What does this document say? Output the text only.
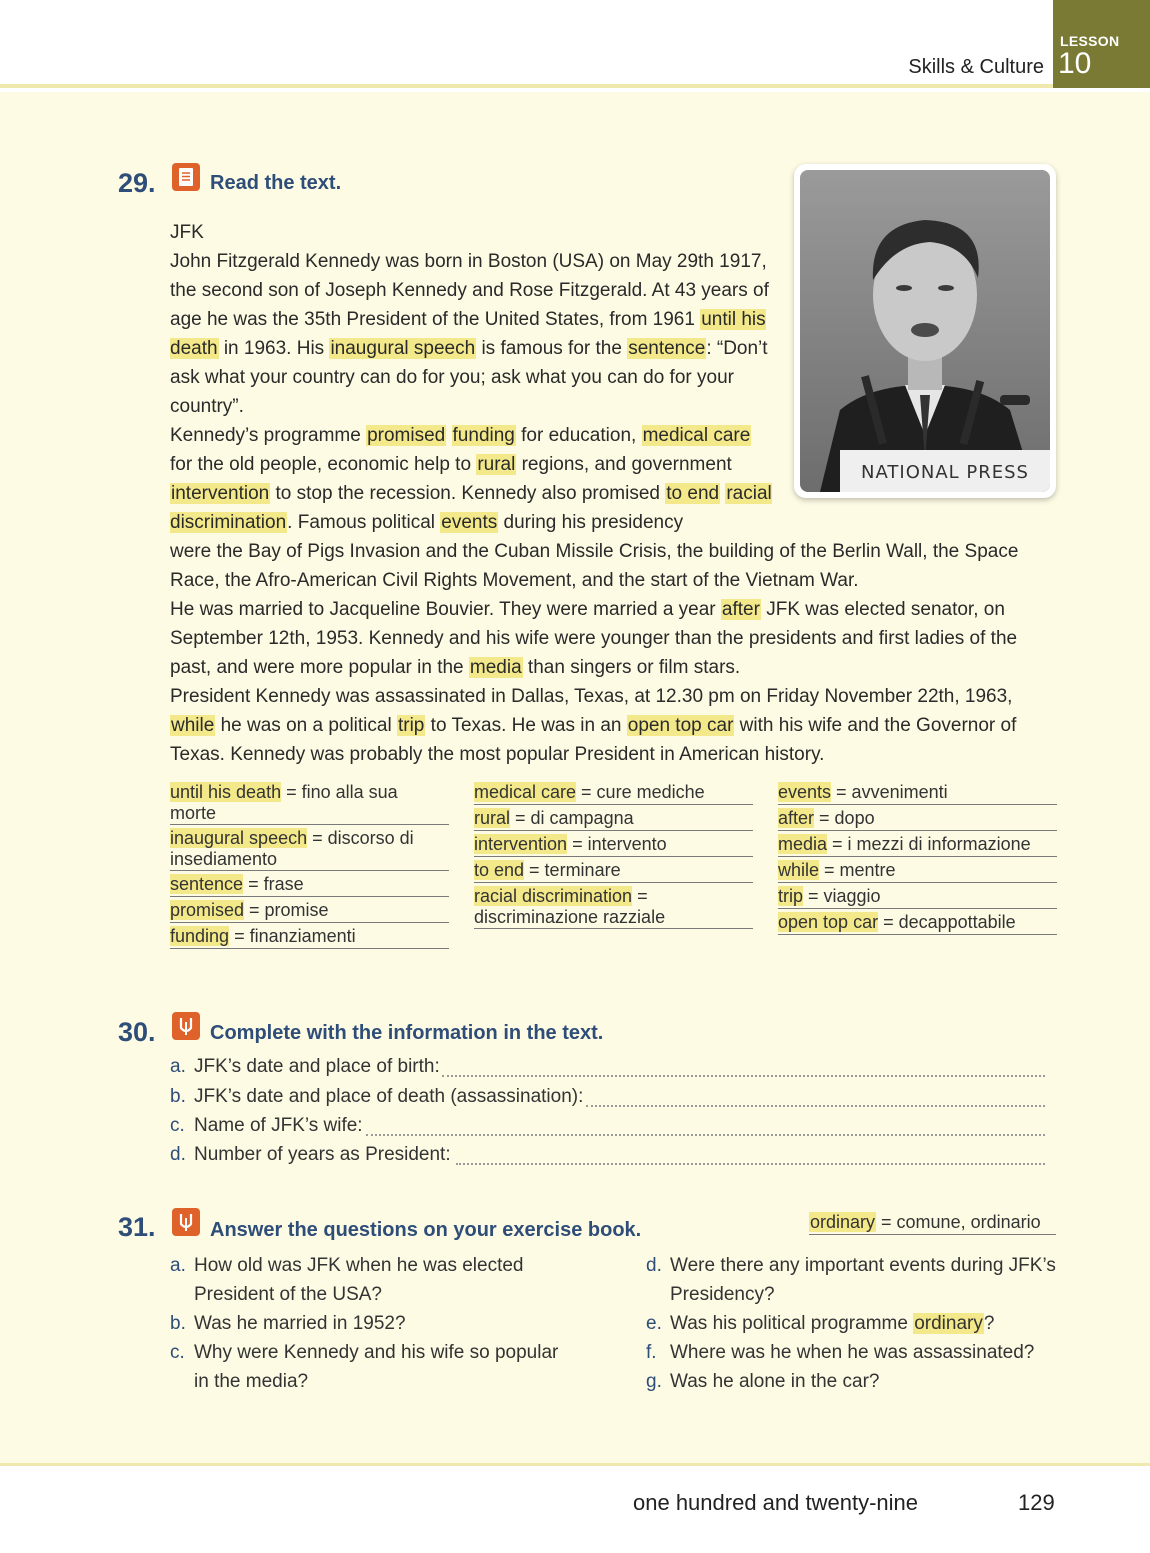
Skills & Culture
LESSON
10
29.	Read the text.
NATIONAL PRESS

JFK

John Fitzgerald Kennedy was born in Boston (USA) on May 29th 1917, the second son of Joseph Kennedy and Rose Fitzgerald. At 43 years of age he was the 35th President of the United States, from 1961 until his death in 1963. His inaugural speech is famous for the sentence: “Don’t ask what your country can do for you; ask what you can do for your country”.

Kennedy’s programme promised funding for education, medical care for the old people, economic help to rural regions, and government intervention to stop the recession. Kennedy also promised to end racial discrimination. Famous political events during his presidency

were the Bay of Pigs Invasion and the Cuban Missile Crisis, the building of the Berlin Wall, the Space Race, the Afro-American Civil Rights Movement, and the start of the Vietnam War.

He was married to Jacqueline Bouvier. They were married a year after JFK was elected senator, on September 12th, 1953. Kennedy and his wife were younger than the presidents and first ladies of the past, and were more popular in the media than singers or film stars.

President Kennedy was assassinated in Dallas, Texas, at 12.30 pm on Friday November 22th, 1963, while he was on a political trip to Texas. He was in an open top car with his wife and the Governor of Texas. Kennedy was probably the most popular President in American history.

until his death = fino alla sua
morte
inaugural speech = discorso di
insediamento
sentence = frase
promised = promise
funding = finanziamenti
medical care = cure mediche
rural = di campagna
intervention = intervento
to end = terminare
racial discrimination =
discriminazione razziale
events = avvenimenti
after = dopo
media = i mezzi di informazione
while = mentre
trip = viaggio
open top car = decappottabile
30.	Complete with the information in the text.
a. JFK’s date and place of birth:
b. JFK’s date and place of death (assassination):
c. Name of JFK’s wife:
d. Number of years as President:
31.	Answer the questions on your exercise book.	ordinary = comune, ordinario
a. How old was JFK when he was elected
President of the USA?
b. Was he married in 1952?
c. Why were Kennedy and his wife so popular
in the media?
d. Were there any important events during JFK’s
Presidency?
e. Was his political programme ordinary?
f. Where was he when he was assassinated?
g. Was he alone in the car?
one hundred and twenty-nine	129
